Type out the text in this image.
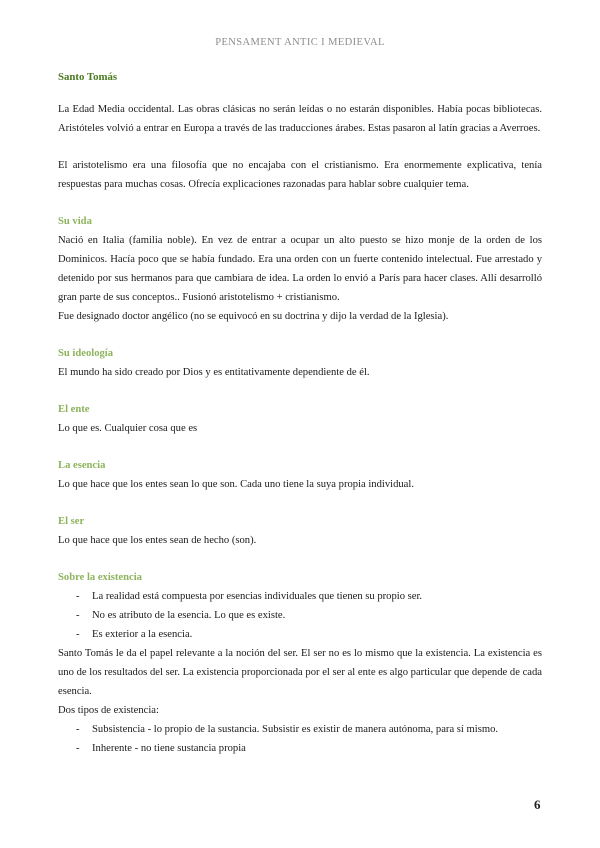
PENSAMENT ANTIC I MEDIEVAL
Santo Tomás

La Edad Media occidental. Las obras clásicas no serán leídas o no estarán disponibles. Había pocas bibliotecas. Aristóteles volvió a entrar en Europa a través de las traducciones árabes. Estas pasaron al latín gracias a Averroes.

El aristotelismo era una filosofía que no encajaba con el cristianismo. Era enormemente explicativa, tenía respuestas para muchas cosas. Ofrecía explicaciones razonadas para hablar sobre cualquier tema.

Su vida

Nació en Italia (familia noble). En vez de entrar a ocupar un alto puesto se hizo monje de la orden de los Dominicos. Hacía poco que se había fundado. Era una orden con un fuerte contenido intelectual. Fue arrestado y detenido por sus hermanos para que cambiara de idea. La orden lo envió a París para hacer clases. Allí desarrolló gran parte de sus conceptos.. Fusionó aristotelismo + cristianismo.

Fue designado doctor angélico (no se equivocó en su doctrina y dijo la verdad de la Iglesia).

Su ideología

El mundo ha sido creado por Dios y es entitativamente dependiente de él.

El ente

Lo que es. Cualquier cosa que es

La esencia

Lo que hace que los entes sean lo que son. Cada uno tiene la suya propia individual.

El ser

Lo que hace que los entes sean de hecho (son).

Sobre la existencia
- La realidad está compuesta por esencias individuales que tienen su propio ser.
- No es atributo de la esencia. Lo que es existe.
- Es exterior a la esencia.

Santo Tomás le da el papel relevante a la noción del ser. El ser no es lo mismo que la existencia. La existencia es uno de los resultados del ser. La existencia proporcionada por el ser al ente es algo particular que depende de cada esencia.

Dos tipos de existencia:

- Subsistencia - lo propio de la sustancia. Subsistir es existir de manera autónoma, para sí mismo.
- Inherente - no tiene sustancia propia
6
